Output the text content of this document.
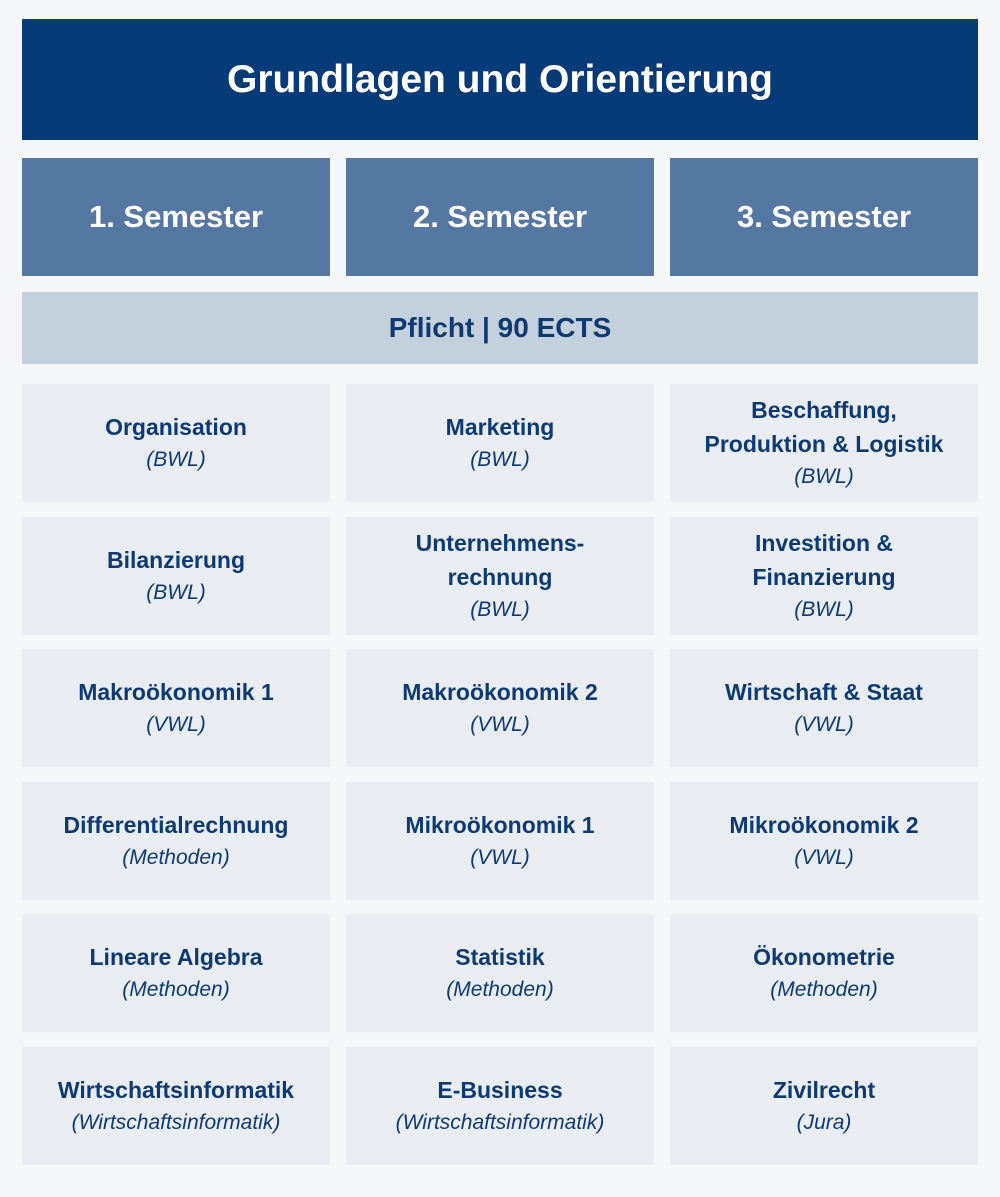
Grundlagen und Orientierung
1. Semester	2. Semester	3. Semester
Pflicht | 90 ECTS
Organisation
(BWL)
Marketing
(BWL)
Beschaffung,
Produktion & Logistik
(BWL)
Bilanzierung
(BWL)
Unternehmens-
rechnung
(BWL)
Investition &
Finanzierung
(BWL)
Makroökonomik 1
(VWL)
Makroökonomik 2
(VWL)
Wirtschaft & Staat
(VWL)
Differentialrechnung
(Methoden)
Mikroökonomik 1
(VWL)
Mikroökonomik 2
(VWL)
Lineare Algebra
(Methoden)
Statistik
(Methoden)
Ökonometrie
(Methoden)
Wirtschaftsinformatik
(Wirtschaftsinformatik)
E-Business
(Wirtschaftsinformatik)
Zivilrecht
(Jura)
